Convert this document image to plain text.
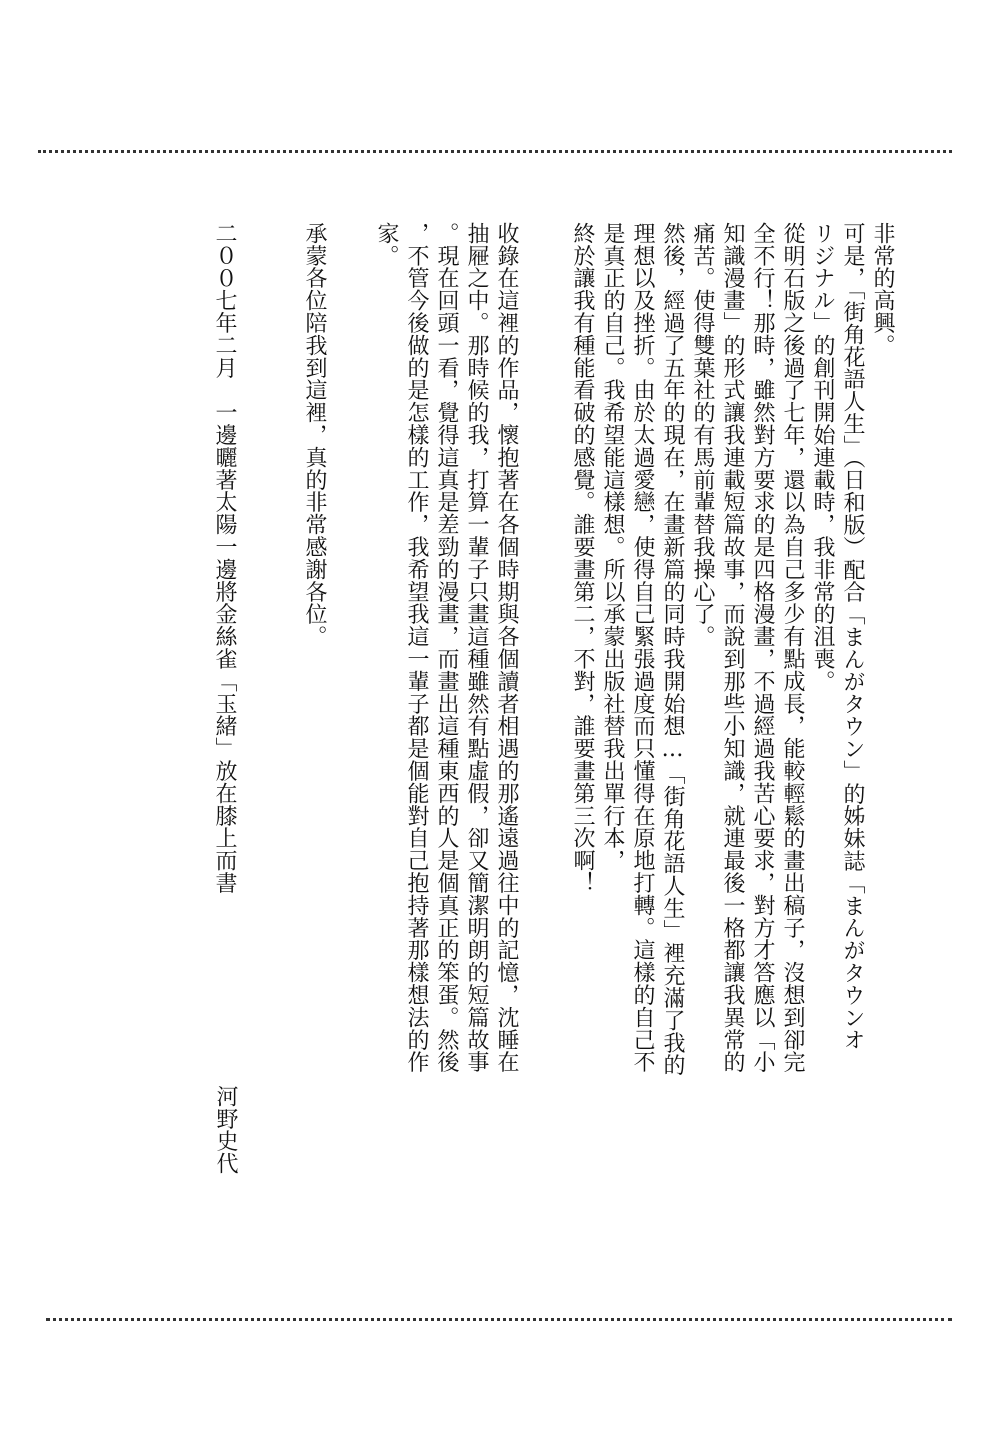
非常的高興。
可是，「街角花語人生」（日和版）配合「まんがタウン」的姊妹誌「まんがタウンオ
リジナル」的創刊開始連載時，我非常的沮喪。
從明石版之後過了七年，還以為自己多少有點成長，能較輕鬆的畫出稿子，沒想到卻完
全不行！那時，雖然對方要求的是四格漫畫，不過經過我苦心要求，對方才答應以「小
知識漫畫」的形式讓我連載短篇故事，而說到那些小知識，就連最後一格都讓我異常的
痛苦。使得雙葉社的有馬前輩替我操心了。
然後，經過了五年的現在，在畫新篇的同時我開始想…「街角花語人生」裡充滿了我的
理想以及挫折。由於太過愛戀，使得自己緊張過度而只懂得在原地打轉。這樣的自己不
是真正的自己。我希望能這樣想。所以承蒙出版社替我出單行本，
終於讓我有種能看破的感覺。誰要畫第二，不對，誰要畫第三次啊！
收錄在這裡的作品，懷抱著在各個時期與各個讀者相遇的那遙遠過往中的記憶，沈睡在
抽屜之中。那時候的我，打算一輩子只畫這種雖然有點虛假，卻又簡潔明朗的短篇故事
。現在回頭一看，覺得這真是差勁的漫畫，而畫出這種東西的人是個真正的笨蛋。然後
，不管今後做的是怎樣的工作，我希望我這一輩子都是個能對自己抱持著那樣想法的作
家。
承蒙各位陪我到這裡，真的非常感謝各位。
二００七年二月　一邊曬著太陽一邊將金絲雀「玉緒」放在膝上而書
河野史代
